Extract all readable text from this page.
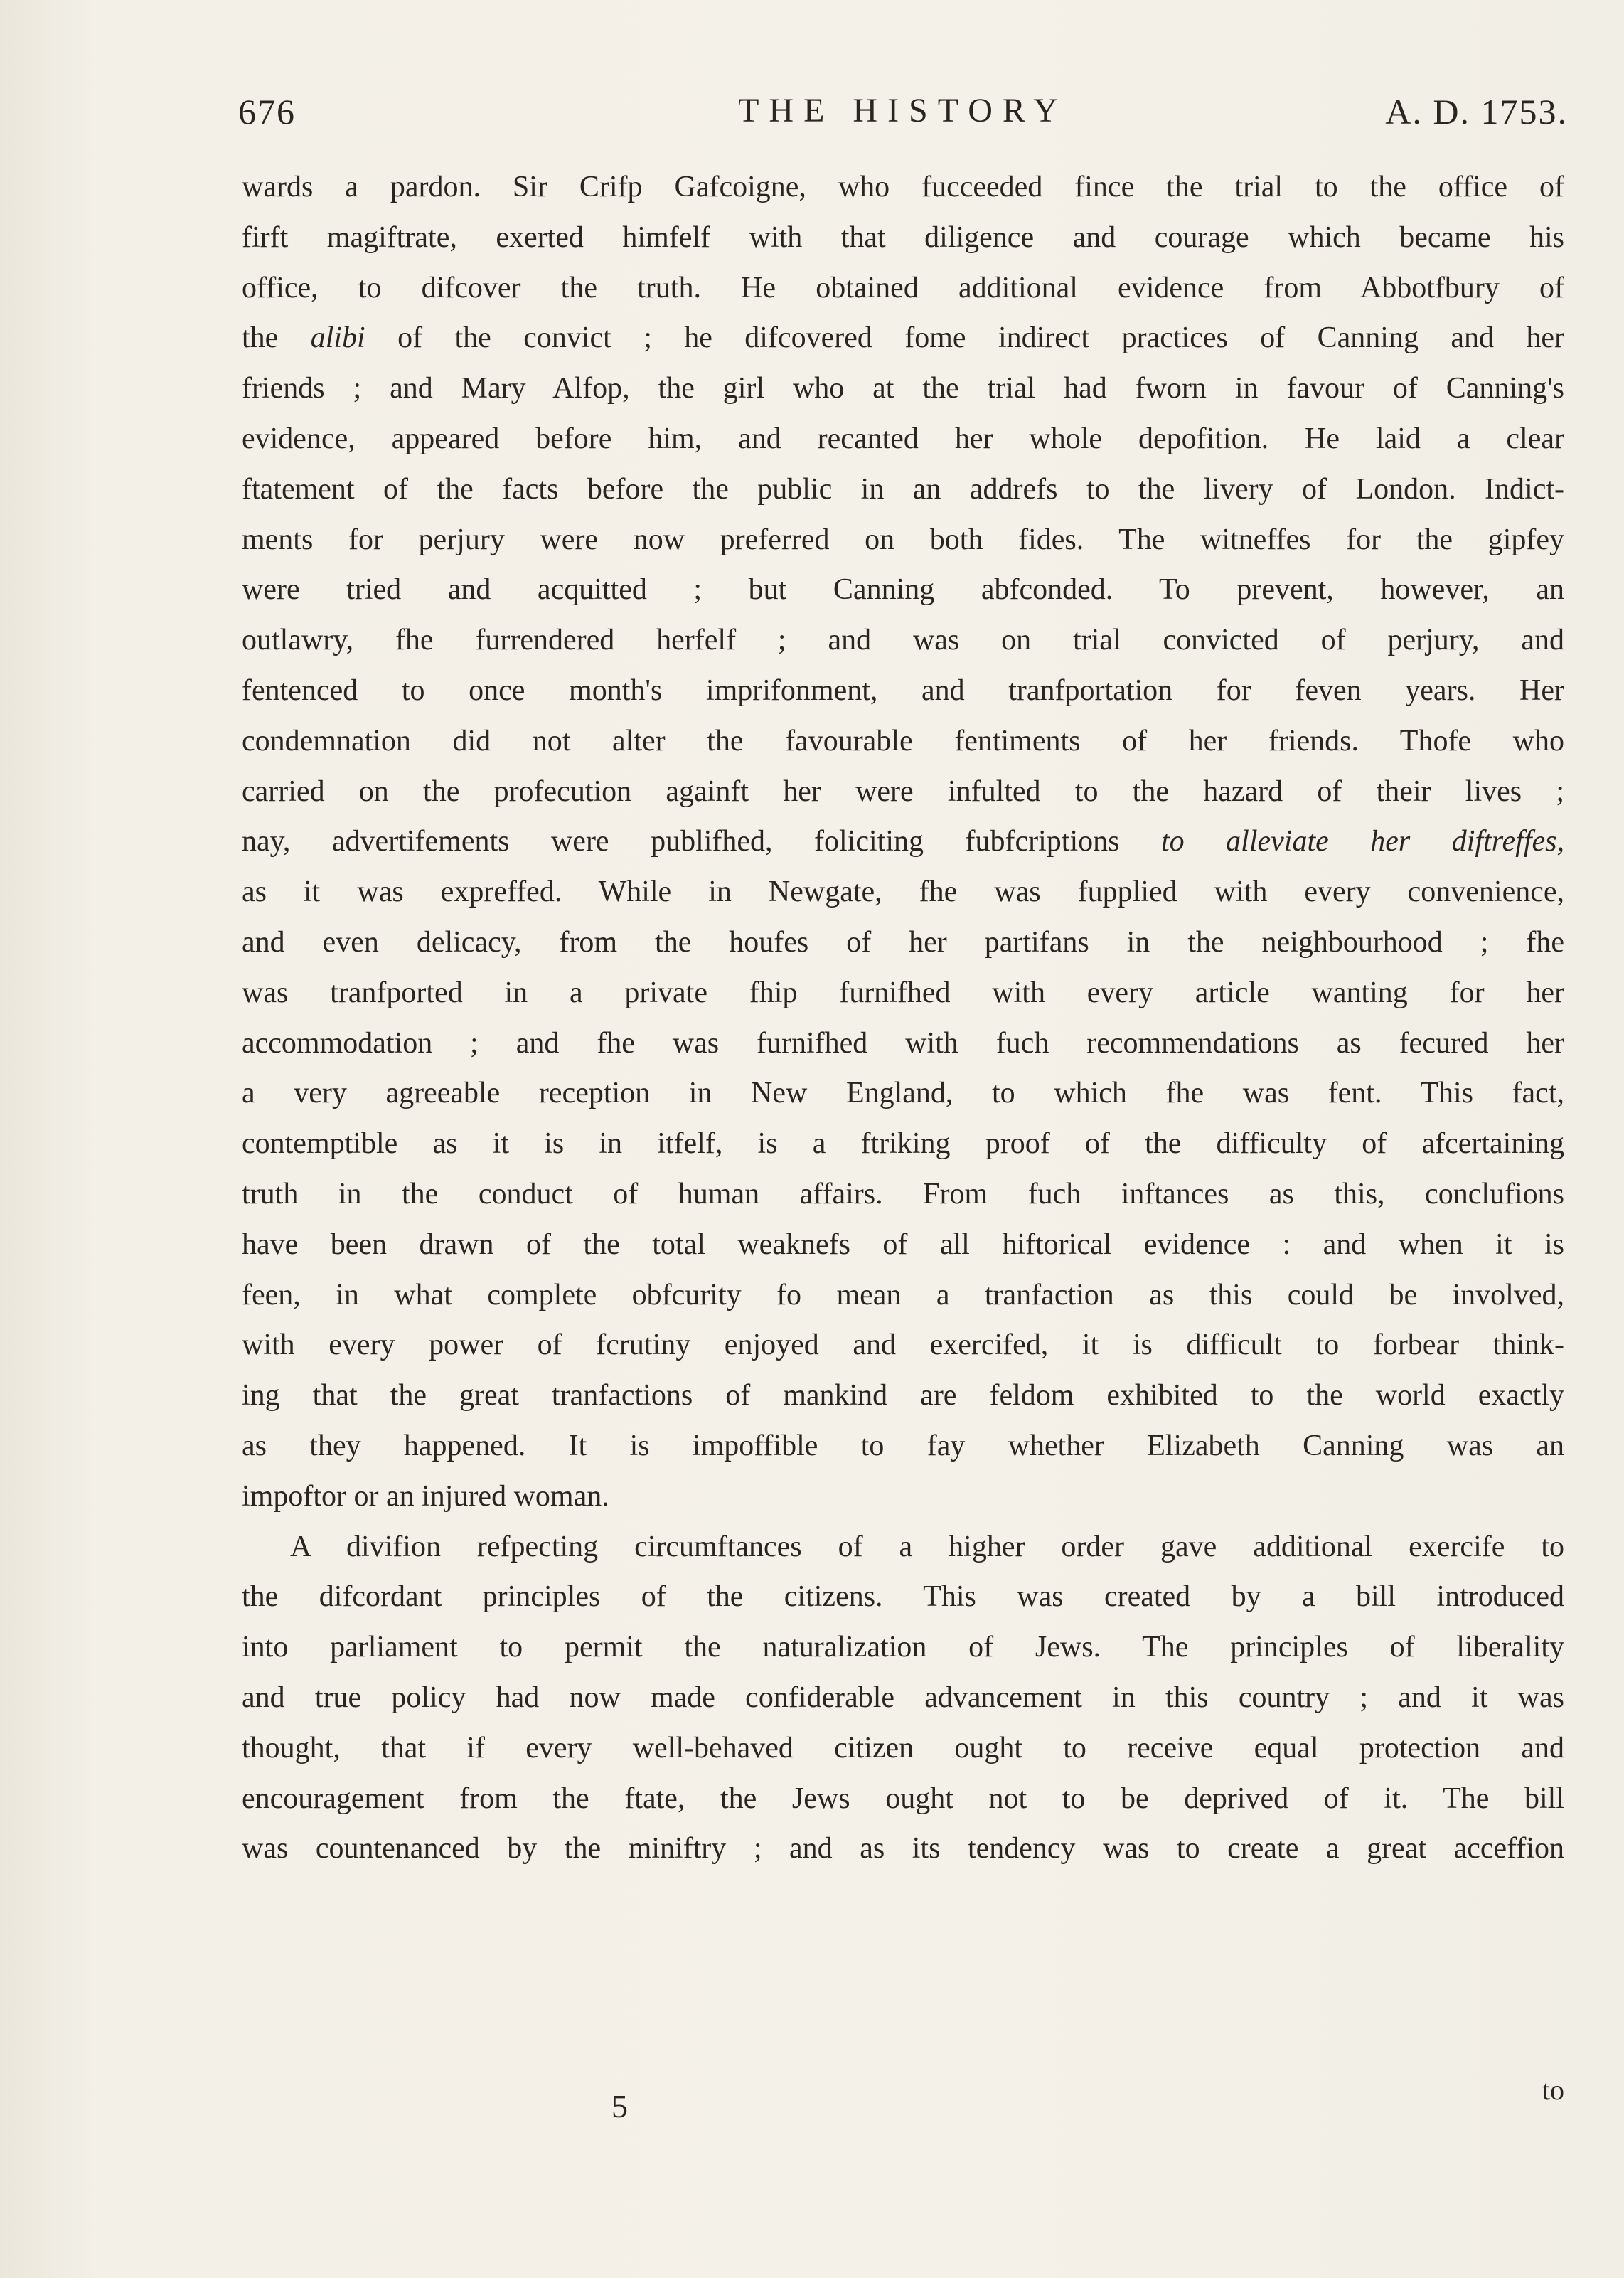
676	THE HISTORY	A. D. 1753.
wards a pardon. Sir Crifp Gafcoigne, who fucceeded fince the trial to the office of
firft magiftrate, exerted himfelf with that diligence and courage which became his
office, to difcover the truth. He obtained additional evidence from Abbotfbury of
the alibi of the convict ; he difcovered fome indirect practices of Canning and her
friends ; and Mary Alfop, the girl who at the trial had fworn in favour of Canning's
evidence, appeared before him, and recanted her whole depofition. He laid a clear
ftatement of the facts before the public in an addrefs to the livery of London. Indict-
ments for perjury were now preferred on both fides. The witneffes for the gipfey
were tried and acquitted ; but Canning abfconded. To prevent, however, an
outlawry, fhe furrendered herfelf ; and was on trial convicted of perjury, and
fentenced to once month's imprifonment, and tranfportation for feven years. Her
condemnation did not alter the favourable fentiments of her friends. Thofe who
carried on the profecution againft her were infulted to the hazard of their lives ;
nay, advertifements were publifhed, foliciting fubfcriptions to alleviate her diftreffes,
as it was expreffed. While in Newgate, fhe was fupplied with every convenience,
and even delicacy, from the houfes of her partifans in the neighbourhood ; fhe
was tranfported in a private fhip furnifhed with every article wanting for her
accommodation ; and fhe was furnifhed with fuch recommendations as fecured her
a very agreeable reception in New England, to which fhe was fent. This fact,
contemptible as it is in itfelf, is a ftriking proof of the difficulty of afcertaining
truth in the conduct of human affairs. From fuch inftances as this, conclufions
have been drawn of the total weaknefs of all hiftorical evidence : and when it is
feen, in what complete obfcurity fo mean a tranfaction as this could be involved,
with every power of fcrutiny enjoyed and exercifed, it is difficult to forbear think-
ing that the great tranfactions of mankind are feldom exhibited to the world exactly
as they happened. It is impoffible to fay whether Elizabeth Canning was an
impoftor or an injured woman.
A divifion refpecting circumftances of a higher order gave additional exercife to
the difcordant principles of the citizens. This was created by a bill introduced
into parliament to permit the naturalization of Jews. The principles of liberality
and true policy had now made confiderable advancement in this country ; and it was
thought, that if every well-behaved citizen ought to receive equal protection and
encouragement from the ftate, the Jews ought not to be deprived of it. The bill
was countenanced by the miniftry ; and as its tendency was to create a great acceffion
5	to
